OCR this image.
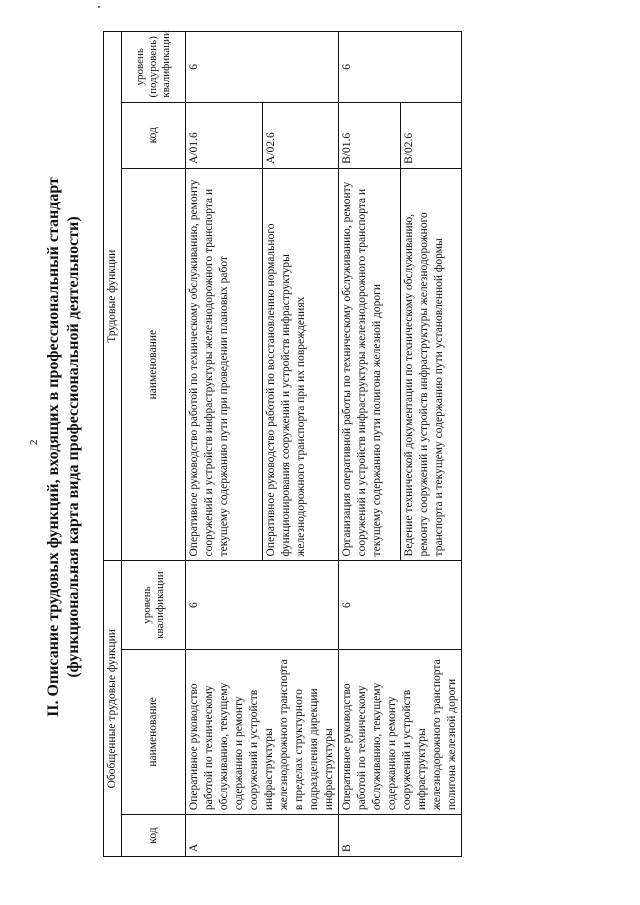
2 II. Описание трудовых функций, входящих в профессиональный стандарт (функциональная карта вида профессиональной деятельности)
Обобщенные трудовые функции			Трудовые функции		
код	наименование	уровень квалификации	наименование	код	уровень (подуровень) квалификации
A	Оперативное руководство работой по техническому обслуживанию, текущему содержанию и ремонту сооружений и устройств инфраструктуры железнодорожного транспорта в пределах структурного подразделения дирекции инфраструктуры	6	Оперативное руководство работой по техническому обслуживанию, ремонту сооружений и устройств инфраструктуры железнодорожного транспорта и текущему содержанию пути при проведении плановых работ	A/01.6	6
			Оперативное руководство работой по восстановлению нормального функционирования сооружений и устройств инфраструктуры железнодорожного транспорта при их повреждениях	A/02.6	
B	Оперативное руководство работой по техническому обслуживанию, текущему содержанию и ремонту сооружений и устройств инфраструктуры железнодорожного транспорта полигона железной дороги	6	Организация оперативной работы по техническому обслуживанию, ремонту сооружений и устройств инфраструктуры железнодорожного транспорта и текущему содержанию пути полигона железной дороги	B/01.6	6
			Ведение технической документации по техническому обслуживанию, ремонту сооружений и устройств инфраструктуры железнодорожного транспорта и текущему содержанию пути установленной формы	B/02.6	
